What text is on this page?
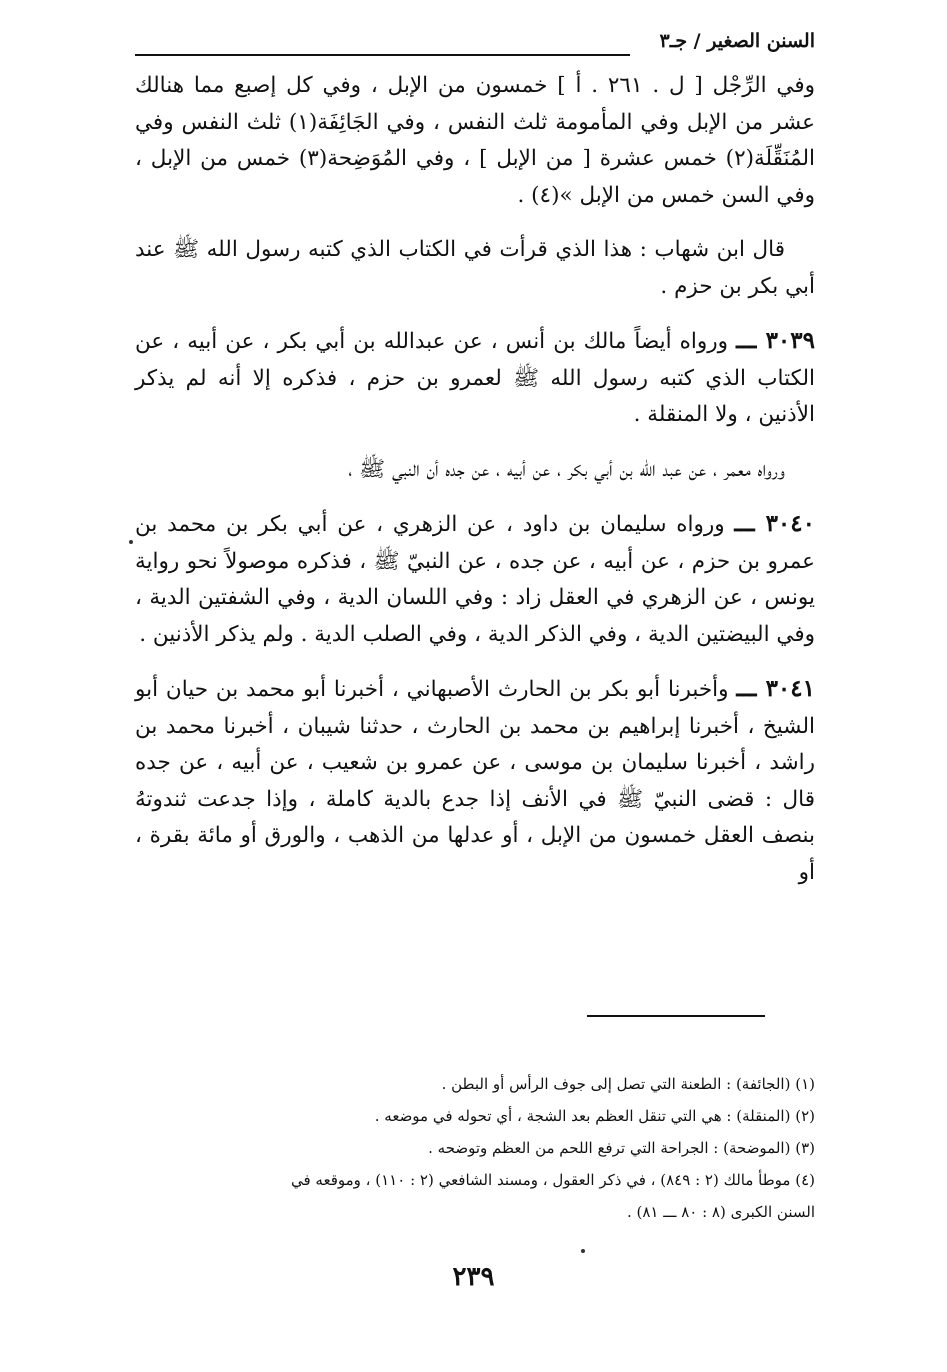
السنن الصغير / جـ٣

وفي الرِّجْل [ ل . ٢٦١ . أ ] خمسون من الإبل ، وفي كل إصبع مما هنالك عشر من الإبل وفي المأمومة ثلث النفس ، وفي الجَائِفَة(١) ثلث النفس وفي المُنَقِّلَة(٢) خمس عشرة [ من الإبل ] ، وفي المُوَضِحة(٣) خمس من الإبل ، وفي السن خمس من الإبل »(٤) .

قال ابن شهاب : هذا الذي قرأت في الكتاب الذي كتبه رسول الله ﷺ عند أبي بكر بن حزم .

٣٠٣٩ ـــ ورواه أيضاً مالك بن أنس ، عن عبدالله بن أبي بكر ، عن أبيه ، عن الكتاب الذي كتبه رسول الله ﷺ لعمرو بن حزم ، فذكره إلا أنه لم يذكر الأذنين ، ولا المنقلة .

ورواه معمر ، عن عبد الله بن أبي بكر ، عن أبيه ، عن جده أن النبي ﷺ ،

٣٠٤٠ ـــ ورواه سليمان بن داود ، عن الزهري ، عن أبي بكر بن محمد بن عمرو بن حزم ، عن أبيه ، عن جده ، عن النبيّ ﷺ ، فذكره موصولاً نحو رواية يونس ، عن الزهري في العقل زاد : وفي اللسان الدية ، وفي الشفتين الدية ، وفي البيضتين الدية ، وفي الذكر الدية ، وفي الصلب الدية . ولم يذكر الأذنين .

٣٠٤١ ـــ وأخبرنا أبو بكر بن الحارث الأصبهاني ، أخبرنا أبو محمد بن حيان أبو الشيخ ، أخبرنا إبراهيم بن محمد بن الحارث ، حدثنا شيبان ، أخبرنا محمد بن راشد ، أخبرنا سليمان بن موسى ، عن عمرو بن شعيب ، عن أبيه ، عن جده قال : قضى النبيّ ﷺ في الأنف إذا جدع بالدية كاملة ، وإذا جدعت ثندوتهُ بنصف العقل خمسون من الإبل ، أو عدلها من الذهب ، والورق أو مائة بقرة ، أو

(١) (الجائفة) : الطعنة التي تصل إلى جوف الرأس أو البطن .

(٢) (المنقلة) : هي التي تنقل العظم بعد الشجة ، أي تحوله في موضعه .

(٣) (الموضحة) : الجراحة التي ترفع اللحم من العظم وتوضحه .

(٤) موطأ مالك (٢ : ٨٤٩) ، في ذكر العقول ، ومسند الشافعي (٢ : ١١٠) ، وموقعه في
السنن الكبرى (٨ : ٨٠ ـــ ٨١) .

٢٣٩
